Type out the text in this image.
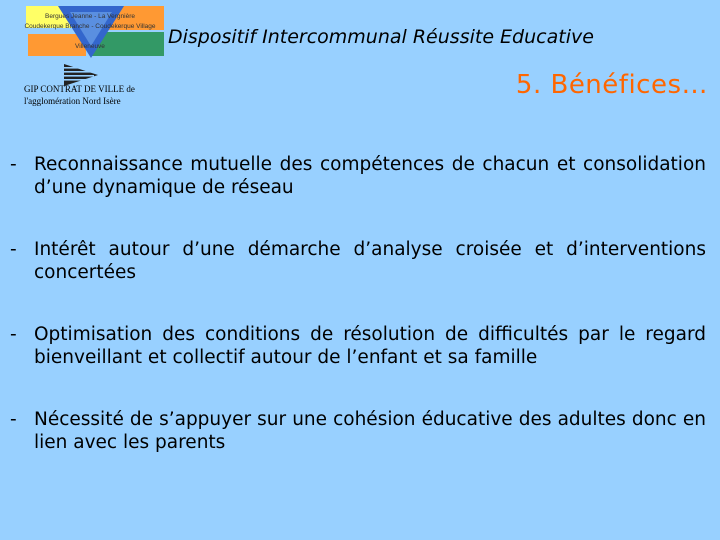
Bergues Jeanne - La Vergnière
Coudekerque Branche - Coudekerque Village
Villeneuve
GIP CONTRAT DE VILLE de
l'agglomération Nord Isère
Dispositif Intercommunal Réussite Educative
5. Bénéfices…
- Reconnaissance mutuelle des compétences de chacun et consolidation d’une dynamique de réseau
- Intérêt autour d’une démarche d’analyse croisée et d’interventions concertées
- Optimisation des conditions de résolution de difficultés par le regard bienveillant et collectif autour de l’enfant et sa famille
- Nécessité de s’appuyer sur une cohésion éducative des adultes donc en lien avec les parents
